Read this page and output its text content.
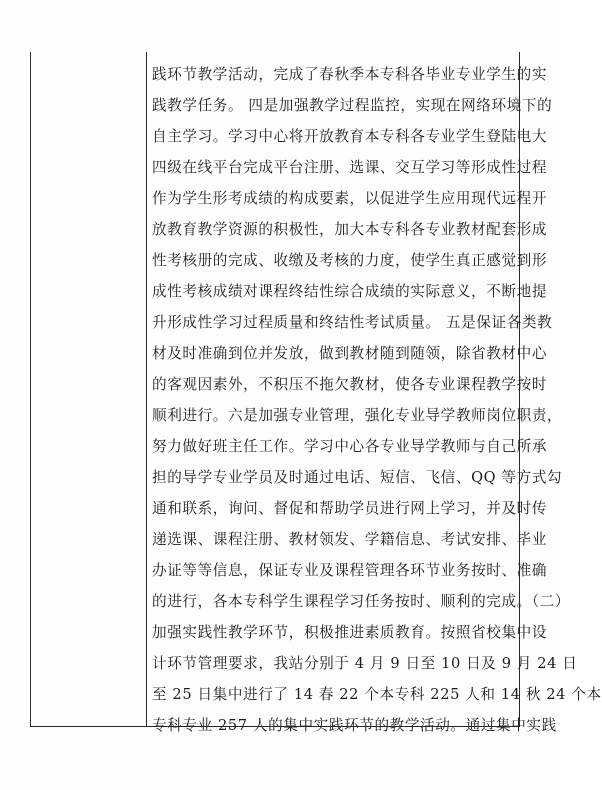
践环节教学活动，完成了春秋季本专科各毕业专业学生的实
践教学任务。 四是加强教学过程监控，实现在网络环境下的
自主学习。学习中心将开放教育本专科各专业学生登陆电大
四级在线平台完成平台注册、选课、交互学习等形成性过程
作为学生形考成绩的构成要素，以促进学生应用现代远程开
放教育教学资源的积极性，加大本专科各专业教材配套形成
性考核册的完成、收缴及考核的力度，使学生真正感觉到形
成性考核成绩对课程终结性综合成绩的实际意义，不断地提
升形成性学习过程质量和终结性考试质量。 五是保证各类教
材及时准确到位并发放，做到教材随到随领，除省教材中心
的客观因素外，不积压不拖欠教材，使各专业课程教学按时
顺利进行。六是加强专业管理，强化专业导学教师岗位职责，
努力做好班主任工作。学习中心各专业导学教师与自己所承
担的导学专业学员及时通过电话、短信、飞信、QQ 等方式勾
通和联系，询问、督促和帮助学员进行网上学习，并及时传
递选课、课程注册、教材领发、学籍信息、考试安排、毕业
办证等等信息，保证专业及课程管理各环节业务按时、准确
的进行，各本专科学生课程学习任务按时、顺利的完成。（二）
加强实践性教学环节，积极推进素质教育。按照省校集中设
计环节管理要求，我站分别于 4 月 9 日至 10 日及 9 月 24 日
至 25 日集中进行了 14 春 22 个本专科 225 人和 14 秋 24 个本
专科专业 257 人的集中实践环节的教学活动。通过集中实践
